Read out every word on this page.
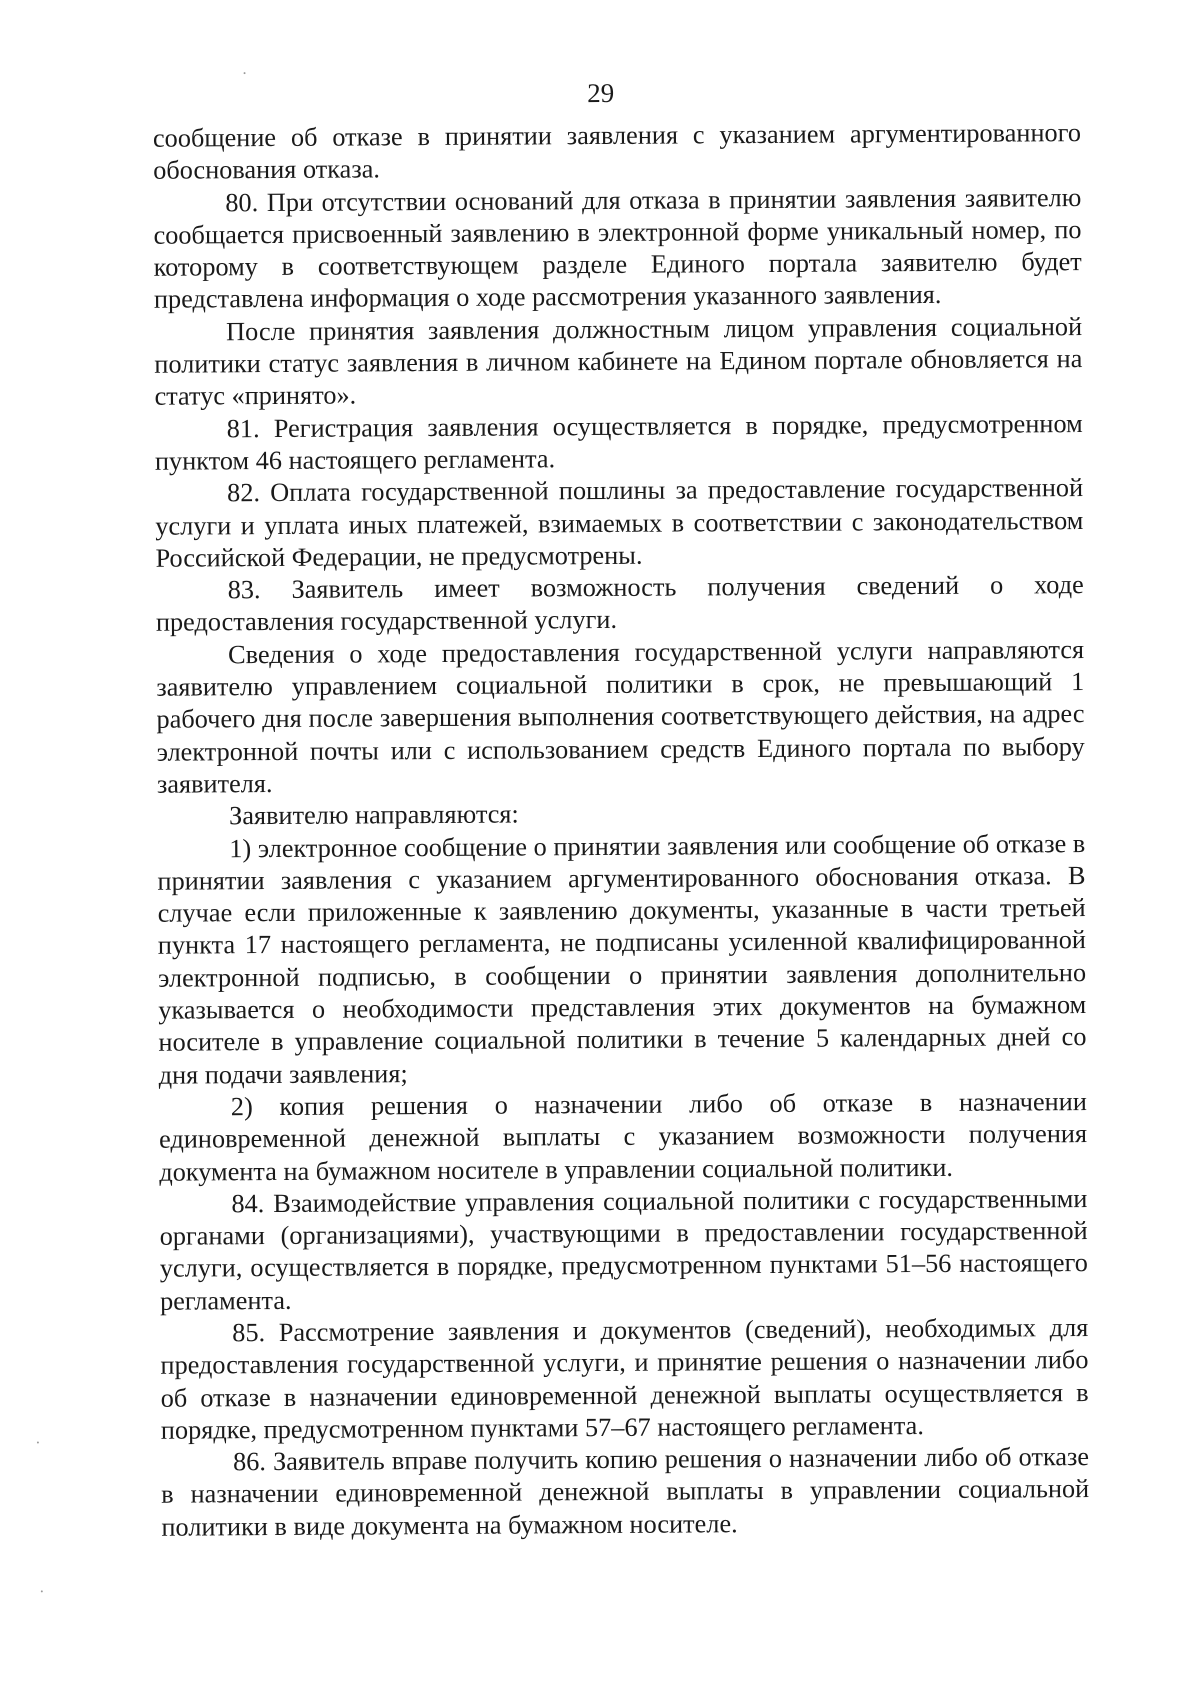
29

сообщение об отказе в принятии заявления с указанием аргументированного обоснования отказа.

80. При отсутствии оснований для отказа в принятии заявления заявителю сообщается присвоенный заявлению в электронной форме уникальный номер, по которому в соответствующем разделе Единого портала заявителю будет представлена информация о ходе рассмотрения указанного заявления.

После принятия заявления должностным лицом управления социальной политики статус заявления в личном кабинете на Едином портале обновляется на статус «принято».

81. Регистрация заявления осуществляется в порядке, предусмотренном пунктом 46 настоящего регламента.

82. Оплата государственной пошлины за предоставление государственной услуги и уплата иных платежей, взимаемых в соответствии с законодательством Российской Федерации, не предусмотрены.

83. Заявитель имеет возможность получения сведений о ходе предоставления государственной услуги.

Сведения о ходе предоставления государственной услуги направляются заявителю управлением социальной политики в срок, не превышающий 1 рабочего дня после завершения выполнения соответствующего действия, на адрес электронной почты или с использованием средств Единого портала по выбору заявителя.

Заявителю направляются:

1) электронное сообщение о принятии заявления или сообщение об отказе в принятии заявления с указанием аргументированного обоснования отказа. В случае если приложенные к заявлению документы, указанные в части третьей пункта 17 настоящего регламента, не подписаны усиленной квалифицированной электронной подписью, в сообщении о принятии заявления дополнительно указывается о необходимости представления этих документов на бумажном носителе в управление социальной политики в течение 5 календарных дней со дня подачи заявления;

2) копия решения о назначении либо об отказе в назначении единовременной денежной выплаты с указанием возможности получения документа на бумажном носителе в управлении социальной политики.

84. Взаимодействие управления социальной политики с государственными органами (организациями), участвующими в предоставлении государственной услуги, осуществляется в порядке, предусмотренном пунктами 51–56 настоящего регламента.

85. Рассмотрение заявления и документов (сведений), необходимых для предоставления государственной услуги, и принятие решения о назначении либо об отказе в назначении единовременной денежной выплаты осуществляется в порядке, предусмотренном пунктами 57–67 настоящего регламента.

86. Заявитель вправе получить копию решения о назначении либо об отказе в назначении единовременной денежной выплаты в управлении социальной политики в виде документа на бумажном носителе.
